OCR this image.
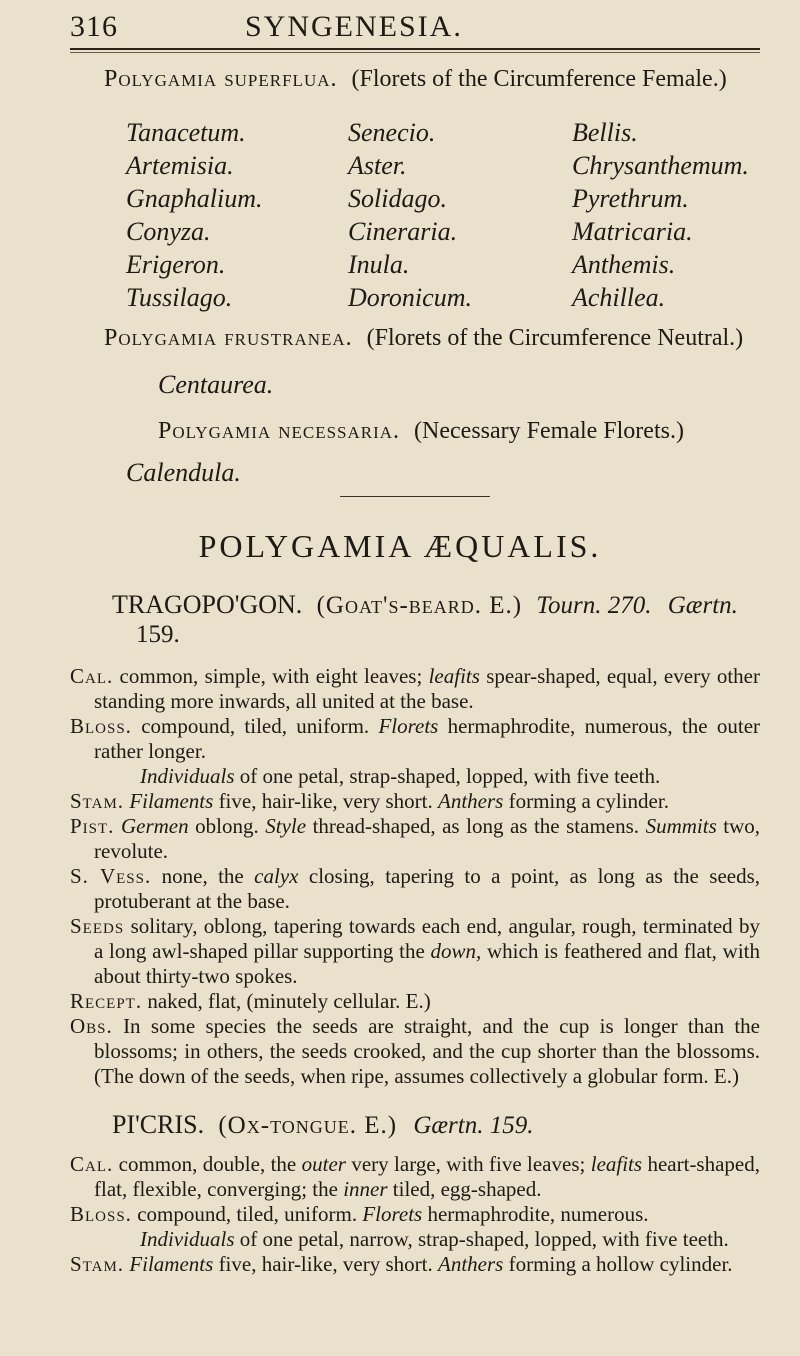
316	SYNGENESIA.
Polygamia superflua. (Florets of the Circumference Female.)
Tanacetum.	Senecio.	Bellis.
Artemisia.	Aster.	Chrysanthemum.
Gnaphalium.	Solidago.	Pyrethrum.
Conyza.	Cineraria.	Matricaria.
Erigeron.	Inula.	Anthemis.
Tussilago.	Doronicum.	Achillea.
Polygamia frustranea. (Florets of the Circumference Neutral.)
Centaurea.
Polygamia necessaria. (Necessary Female Florets.)
Calendula.
POLYGAMIA ÆQUALIS.
TRAGOPO'GON. (Goat's-beard. E.) Tourn. 270. Gærtn.
159.

Cal. common, simple, with eight leaves; leafits spear-shaped, equal, every other standing more inwards, all united at the base.

Bloss. compound, tiled, uniform. Florets hermaphrodite, numerous, the outer rather longer.

Individuals of one petal, strap-shaped, lopped, with five teeth.

Stam. Filaments five, hair-like, very short. Anthers forming a cylinder.

Pist. Germen oblong. Style thread-shaped, as long as the stamens. Summits two, revolute.

S. Vess. none, the calyx closing, tapering to a point, as long as the seeds, protuberant at the base.

Seeds solitary, oblong, tapering towards each end, angular, rough, terminated by a long awl-shaped pillar supporting the down, which is feathered and flat, with about thirty-two spokes.

Recept. naked, flat, (minutely cellular. E.)

Obs. In some species the seeds are straight, and the cup is longer than the blossoms; in others, the seeds crooked, and the cup shorter than the blossoms. (The down of the seeds, when ripe, assumes collectively a globular form. E.)

PI'CRIS. (Ox-tongue. E.) Gærtn. 159.

Cal. common, double, the outer very large, with five leaves; leafits heart-shaped, flat, flexible, converging; the inner tiled, egg-shaped.

Bloss. compound, tiled, uniform. Florets hermaphrodite, numerous.

Individuals of one petal, narrow, strap-shaped, lopped, with five teeth.

Stam. Filaments five, hair-like, very short. Anthers forming a hollow cylinder.
